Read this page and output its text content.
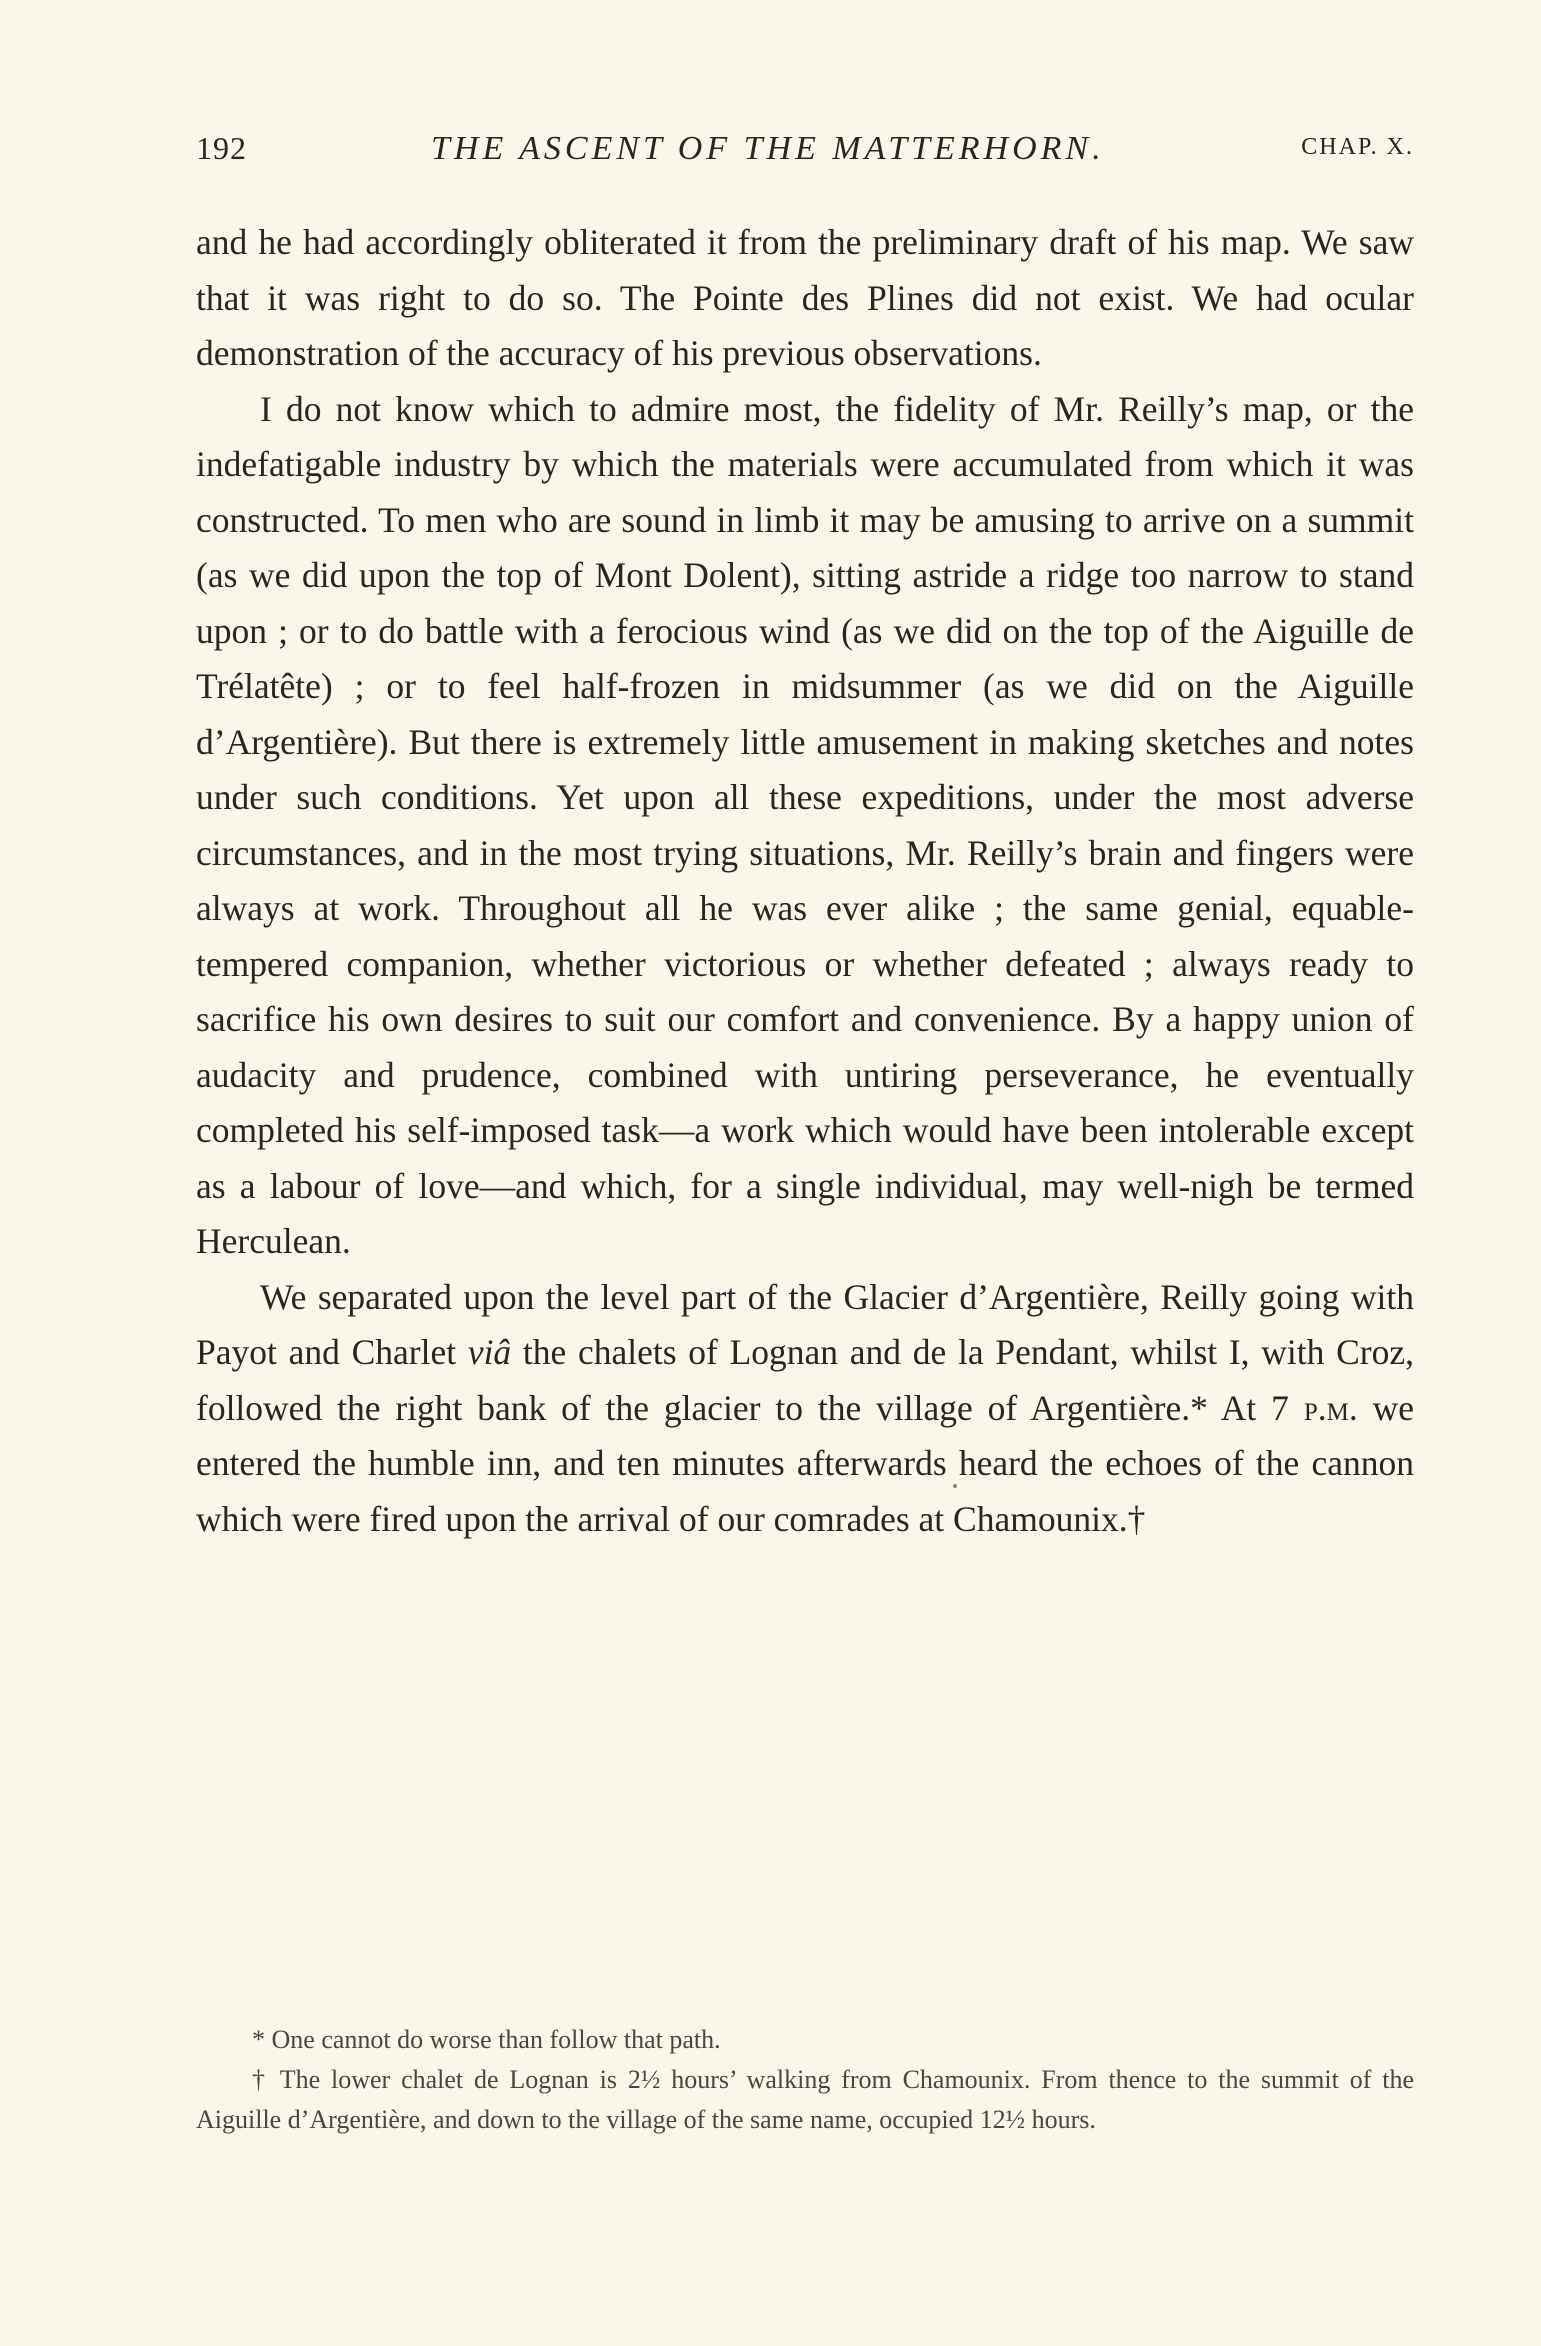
192	THE ASCENT OF THE MATTERHORN.	CHAP. X.

and he had accordingly obliterated it from the preliminary draft of his map. We saw that it was right to do so. The Pointe des Plines did not exist. We had ocular demonstration of the accuracy of his previous observations.

I do not know which to admire most, the fidelity of Mr. Reilly’s map, or the indefatigable industry by which the materials were accumulated from which it was constructed. To men who are sound in limb it may be amusing to arrive on a summit (as we did upon the top of Mont Dolent), sitting astride a ridge too narrow to stand upon ; or to do battle with a ferocious wind (as we did on the top of the Aiguille de Trélatête) ; or to feel half-frozen in midsummer (as we did on the Aiguille d’Argentière). But there is extremely little amusement in making sketches and notes under such conditions. Yet upon all these expeditions, under the most adverse circumstances, and in the most trying situations, Mr. Reilly’s brain and fingers were always at work. Throughout all he was ever alike ; the same genial, equable-tempered companion, whether victorious or whether defeated ; always ready to sacrifice his own desires to suit our comfort and convenience. By a happy union of audacity and prudence, combined with untiring perseverance, he eventually completed his self-imposed task—a work which would have been intolerable except as a labour of love—and which, for a single individual, may well-nigh be termed Herculean.

We separated upon the level part of the Glacier d’Argentière, Reilly going with Payot and Charlet viâ the chalets of Lognan and de la Pendant, whilst I, with Croz, followed the right bank of the glacier to the village of Argentière.* At 7 p.m. we entered the humble inn, and ten minutes afterwards heard the echoes of the cannon which were fired upon the arrival of our comrades at Chamounix.†

* One cannot do worse than follow that path.

† The lower chalet de Lognan is 2½ hours’ walking from Chamounix. From thence to the summit of the Aiguille d’Argentière, and down to the village of the same name, occupied 12½ hours.
